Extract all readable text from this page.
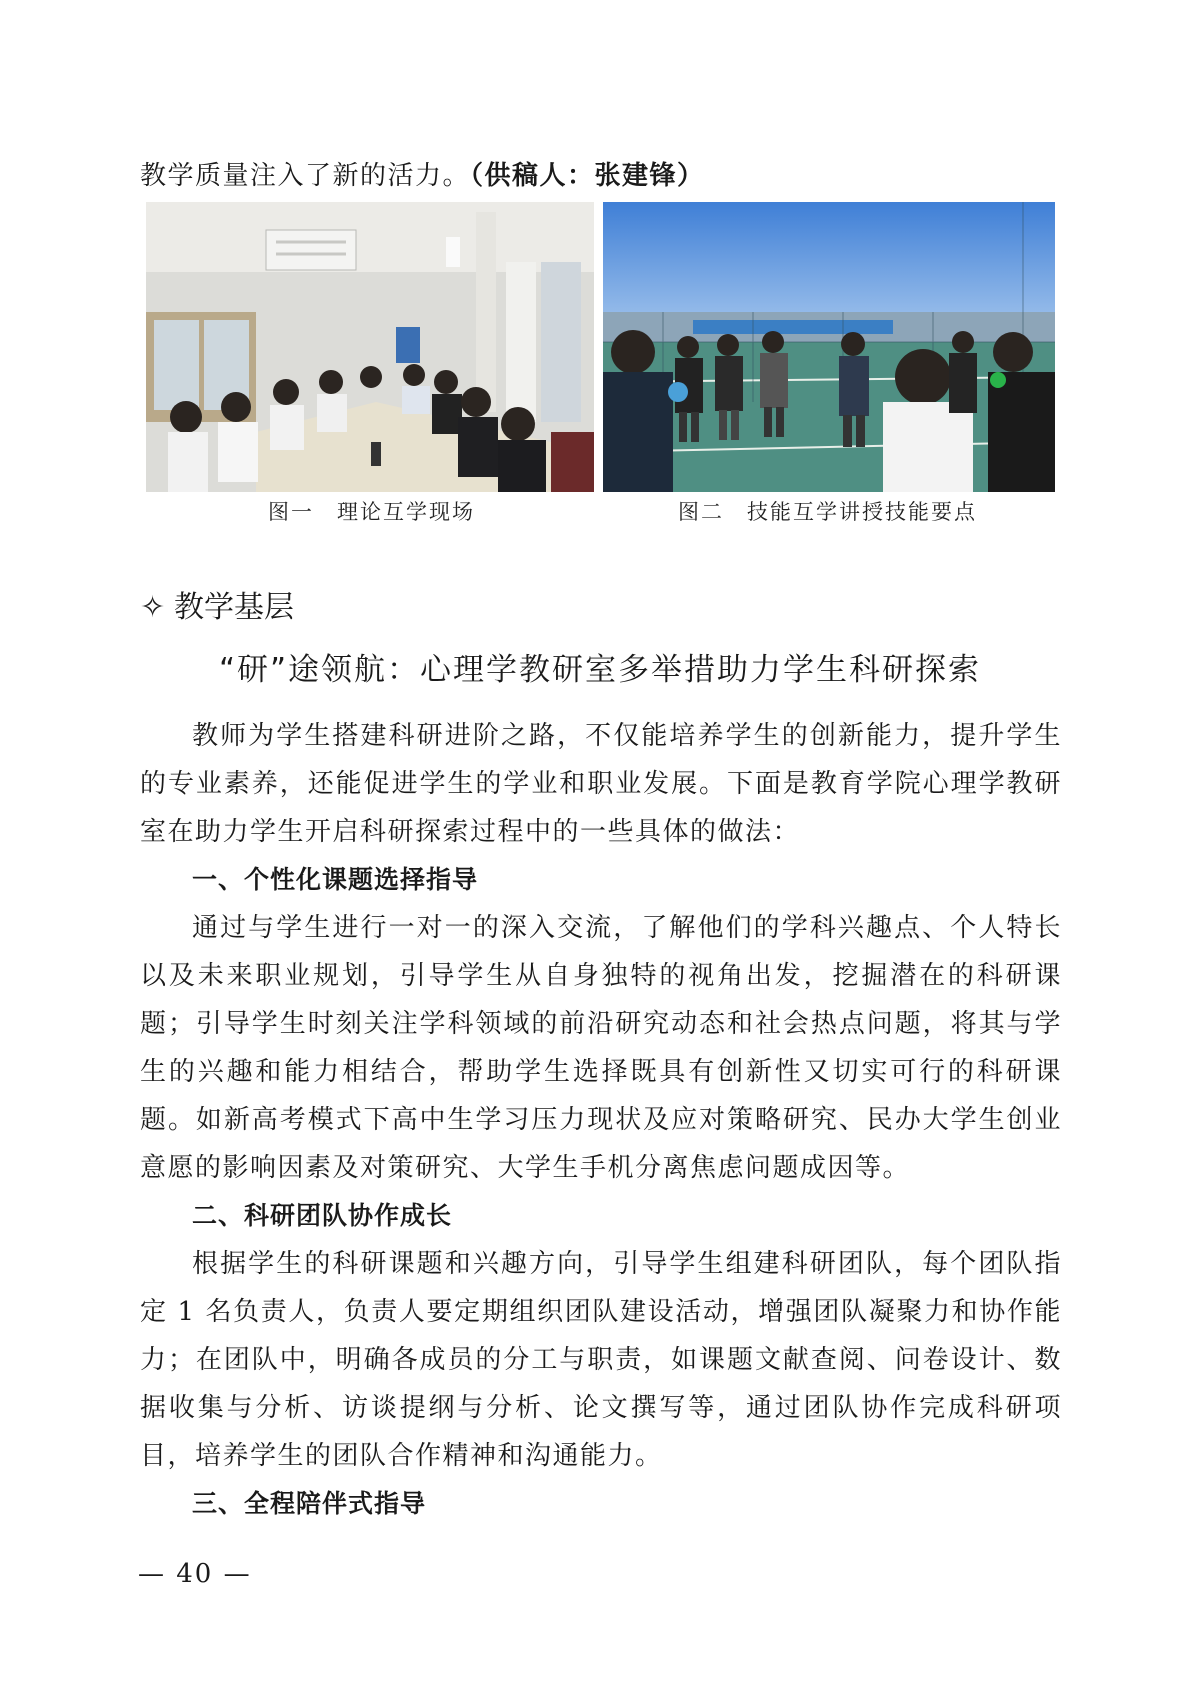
教学质量注入了新的活力。（供稿人：张建锋）

图一　理论互学现场	图二　技能互学讲授技能要点

✧ 教学基层
“研”途领航：心理学教研室多举措助力学生科研探索

教师为学生搭建科研进阶之路，不仅能培养学生的创新能力，提升学生的专业素养，还能促进学生的学业和职业发展。下面是教育学院心理学教研室在助力学生开启科研探索过程中的一些具体的做法：

一、个性化课题选择指导

通过与学生进行一对一的深入交流，了解他们的学科兴趣点、个人特长以及未来职业规划，引导学生从自身独特的视角出发，挖掘潜在的科研课题；引导学生时刻关注学科领域的前沿研究动态和社会热点问题，将其与学生的兴趣和能力相结合，帮助学生选择既具有创新性又切实可行的科研课题。如新高考模式下高中生学习压力现状及应对策略研究、民办大学生创业意愿的影响因素及对策研究、大学生手机分离焦虑问题成因等。

二、科研团队协作成长

根据学生的科研课题和兴趣方向，引导学生组建科研团队，每个团队指定 1 名负责人，负责人要定期组织团队建设活动，增强团队凝聚力和协作能力；在团队中，明确各成员的分工与职责，如课题文献查阅、问卷设计、数据收集与分析、访谈提纲与分析、论文撰写等，通过团队协作完成科研项目，培养学生的团队合作精神和沟通能力。

三、全程陪伴式指导

— 40 —
